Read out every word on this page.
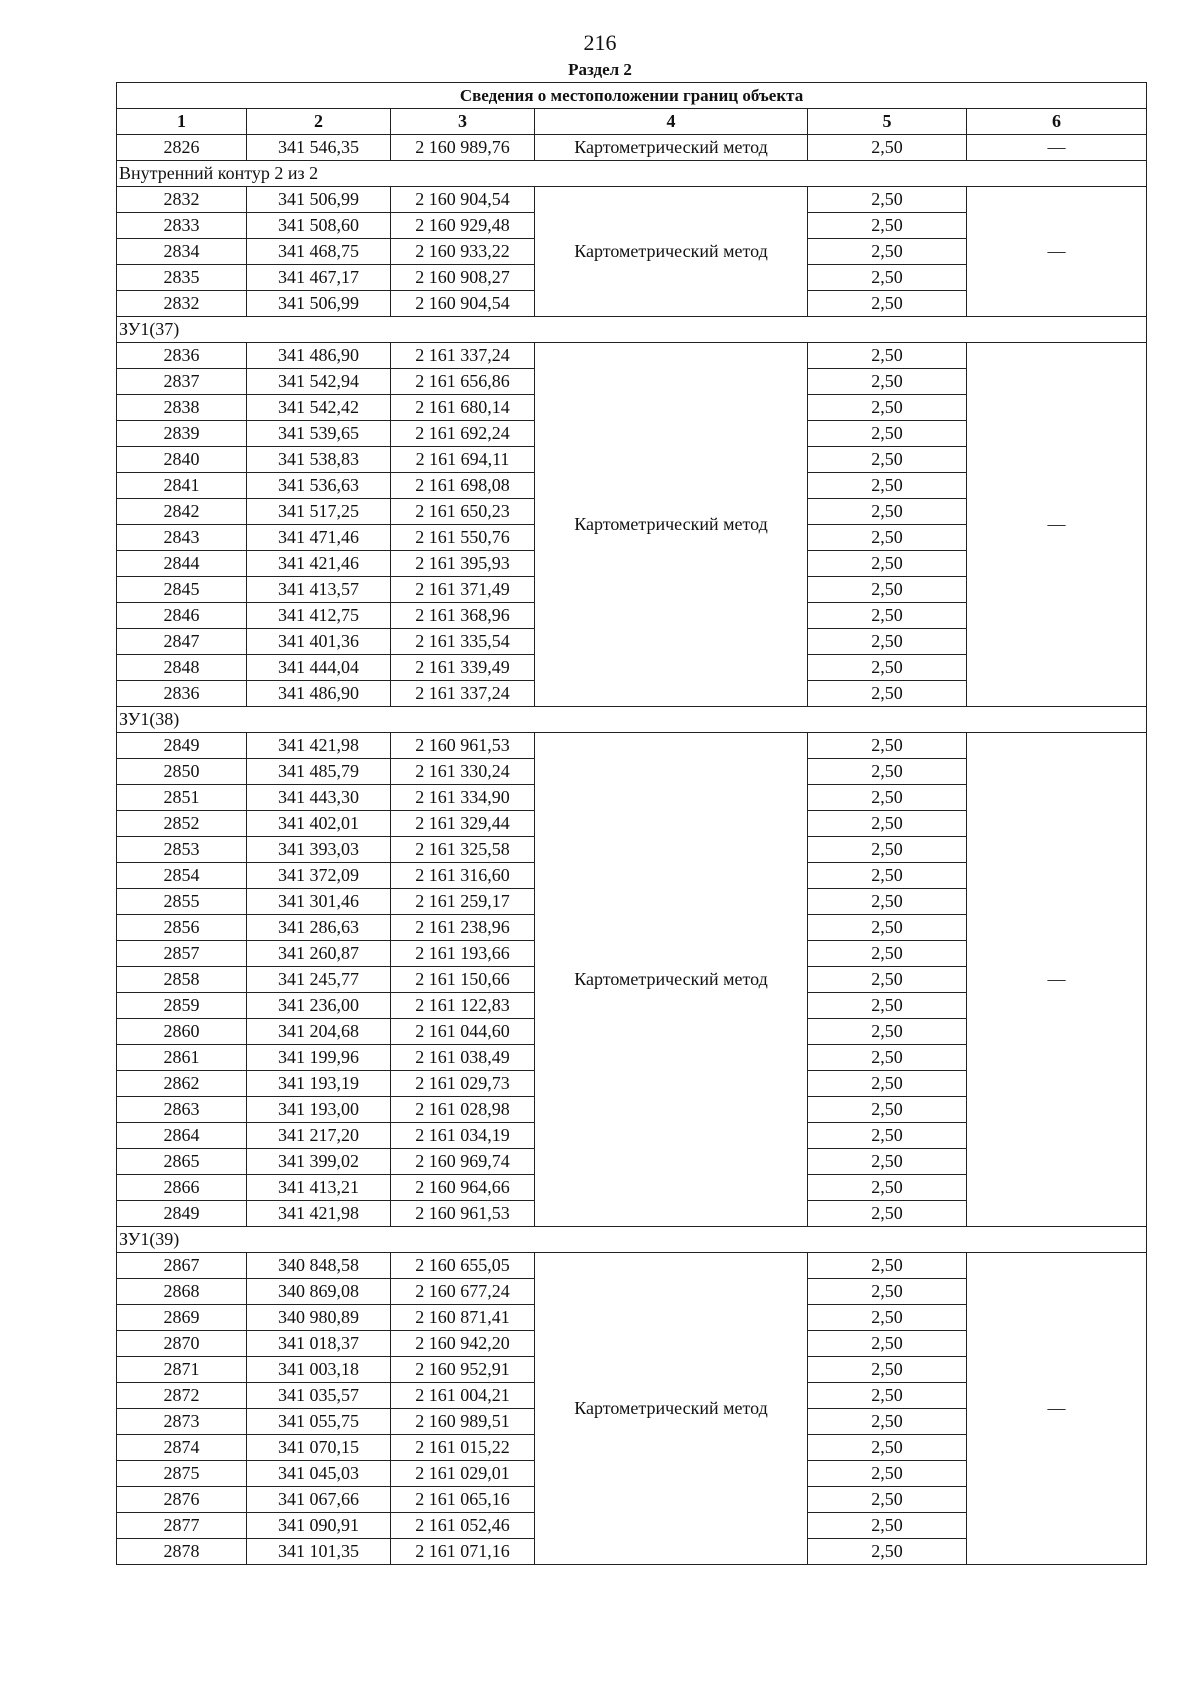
216
Раздел 2
Сведения о местоположении границ объекта					
1	2	3	4	5	6
2826	341 546,35	2 160 989,76	Картометрический метод	2,50	—
Внутренний контур 2 из 2					
2832	341 506,99	2 160 904,54	Картометрический метод	2,50	—
2833	341 508,60	2 160 929,48		2,50	
2834	341 468,75	2 160 933,22		2,50	
2835	341 467,17	2 160 908,27		2,50	
2832	341 506,99	2 160 904,54		2,50	
ЗУ1(37)					
2836	341 486,90	2 161 337,24	Картометрический метод	2,50	—
2837	341 542,94	2 161 656,86		2,50	
2838	341 542,42	2 161 680,14		2,50	
2839	341 539,65	2 161 692,24		2,50	
2840	341 538,83	2 161 694,11		2,50	
2841	341 536,63	2 161 698,08		2,50	
2842	341 517,25	2 161 650,23		2,50	
2843	341 471,46	2 161 550,76		2,50	
2844	341 421,46	2 161 395,93		2,50	
2845	341 413,57	2 161 371,49		2,50	
2846	341 412,75	2 161 368,96		2,50	
2847	341 401,36	2 161 335,54		2,50	
2848	341 444,04	2 161 339,49		2,50	
2836	341 486,90	2 161 337,24		2,50	
ЗУ1(38)					
2849	341 421,98	2 160 961,53	Картометрический метод	2,50	—
2850	341 485,79	2 161 330,24		2,50	
2851	341 443,30	2 161 334,90		2,50	
2852	341 402,01	2 161 329,44		2,50	
2853	341 393,03	2 161 325,58		2,50	
2854	341 372,09	2 161 316,60		2,50	
2855	341 301,46	2 161 259,17		2,50	
2856	341 286,63	2 161 238,96		2,50	
2857	341 260,87	2 161 193,66		2,50	
2858	341 245,77	2 161 150,66		2,50	
2859	341 236,00	2 161 122,83		2,50	
2860	341 204,68	2 161 044,60		2,50	
2861	341 199,96	2 161 038,49		2,50	
2862	341 193,19	2 161 029,73		2,50	
2863	341 193,00	2 161 028,98		2,50	
2864	341 217,20	2 161 034,19		2,50	
2865	341 399,02	2 160 969,74		2,50	
2866	341 413,21	2 160 964,66		2,50	
2849	341 421,98	2 160 961,53		2,50	
ЗУ1(39)					
2867	340 848,58	2 160 655,05	Картометрический метод	2,50	—
2868	340 869,08	2 160 677,24		2,50	
2869	340 980,89	2 160 871,41		2,50	
2870	341 018,37	2 160 942,20		2,50	
2871	341 003,18	2 160 952,91		2,50	
2872	341 035,57	2 161 004,21		2,50	
2873	341 055,75	2 160 989,51		2,50	
2874	341 070,15	2 161 015,22		2,50	
2875	341 045,03	2 161 029,01		2,50	
2876	341 067,66	2 161 065,16		2,50	
2877	341 090,91	2 161 052,46		2,50	
2878	341 101,35	2 161 071,16		2,50	
